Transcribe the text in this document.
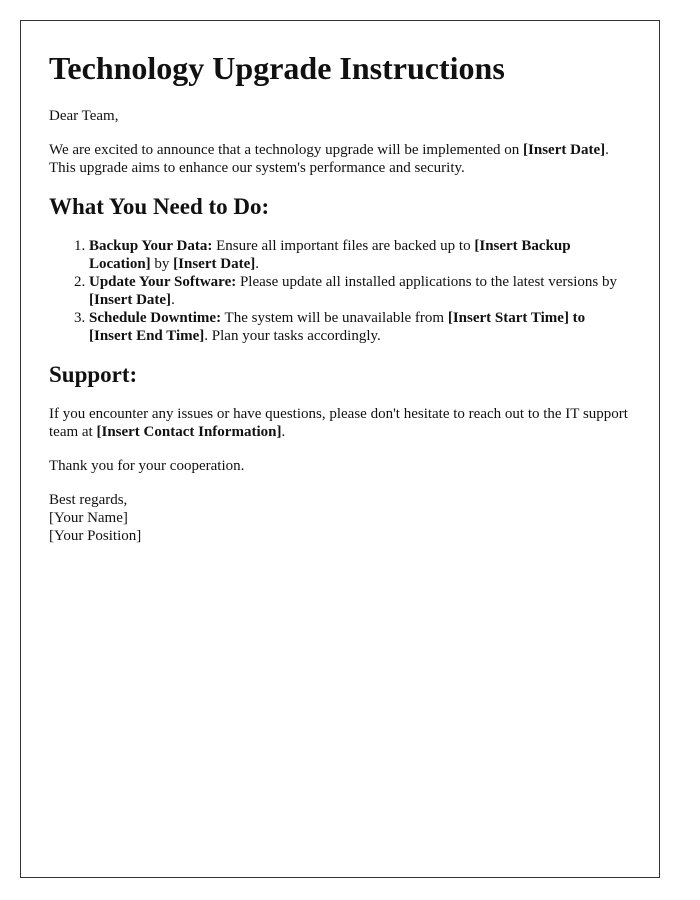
Technology Upgrade Instructions

Dear Team,

We are excited to announce that a technology upgrade will be implemented on [Insert Date]. This upgrade aims to enhance our system's performance and security.

What You Need to Do:
1. Backup Your Data: Ensure all important files are backed up to [Insert Backup Location] by [Insert Date].
2. Update Your Software: Please update all installed applications to the latest versions by [Insert Date].
3. Schedule Downtime: The system will be unavailable from [Insert Start Time] to [Insert End Time]. Plan your tasks accordingly.
Support:

If you encounter any issues or have questions, please don't hesitate to reach out to the IT support team at [Insert Contact Information].

Thank you for your cooperation.

Best regards,
[Your Name]
[Your Position]
